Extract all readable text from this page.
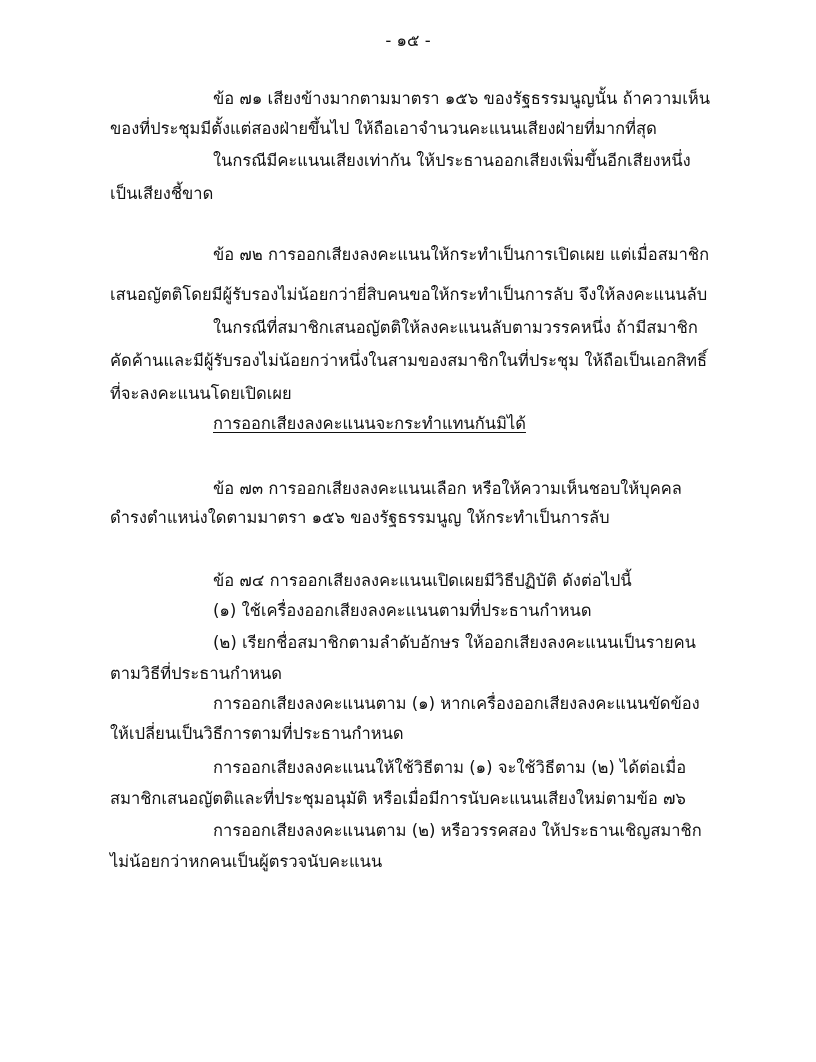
- ๑๕ -
ข้อ ๗๑ เสียงข้างมากตามมาตรา ๑๕๖ ของรัฐธรรมนูญนั้น ถ้าความเห็น
ของที่ประชุมมีตั้งแต่สองฝ่ายขึ้นไป ให้ถือเอาจำนวนคะแนนเสียงฝ่ายที่มากที่สุด
ในกรณีมีคะแนนเสียงเท่ากัน ให้ประธานออกเสียงเพิ่มขึ้นอีกเสียงหนึ่ง
เป็นเสียงชี้ขาด
ข้อ ๗๒ การออกเสียงลงคะแนนให้กระทำเป็นการเปิดเผย แต่เมื่อสมาชิก
เสนอญัตติโดยมีผู้รับรองไม่น้อยกว่ายี่สิบคนขอให้กระทำเป็นการลับ จึงให้ลงคะแนนลับ
ในกรณีที่สมาชิกเสนอญัตติให้ลงคะแนนลับตามวรรคหนึ่ง ถ้ามีสมาชิก
คัดค้านและมีผู้รับรองไม่น้อยกว่าหนึ่งในสามของสมาชิกในที่ประชุม ให้ถือเป็นเอกสิทธิ์
ที่จะลงคะแนนโดยเปิดเผย
การออกเสียงลงคะแนนจะกระทำแทนกันมิได้
ข้อ ๗๓ การออกเสียงลงคะแนนเลือก หรือให้ความเห็นชอบให้บุคคล
ดำรงตำแหน่งใดตามมาตรา ๑๕๖ ของรัฐธรรมนูญ ให้กระทำเป็นการลับ
ข้อ ๗๔ การออกเสียงลงคะแนนเปิดเผยมีวิธีปฏิบัติ ดังต่อไปนี้
(๑) ใช้เครื่องออกเสียงลงคะแนนตามที่ประธานกำหนด
(๒) เรียกชื่อสมาชิกตามลำดับอักษร ให้ออกเสียงลงคะแนนเป็นรายคน
ตามวิธีที่ประธานกำหนด
การออกเสียงลงคะแนนตาม (๑) หากเครื่องออกเสียงลงคะแนนขัดข้อง
ให้เปลี่ยนเป็นวิธีการตามที่ประธานกำหนด
การออกเสียงลงคะแนนให้ใช้วิธีตาม (๑) จะใช้วิธีตาม (๒) ได้ต่อเมื่อ
สมาชิกเสนอญัตติและที่ประชุมอนุมัติ หรือเมื่อมีการนับคะแนนเสียงใหม่ตามข้อ ๗๖
การออกเสียงลงคะแนนตาม (๒) หรือวรรคสอง ให้ประธานเชิญสมาชิก
ไม่น้อยกว่าหกคนเป็นผู้ตรวจนับคะแนน
